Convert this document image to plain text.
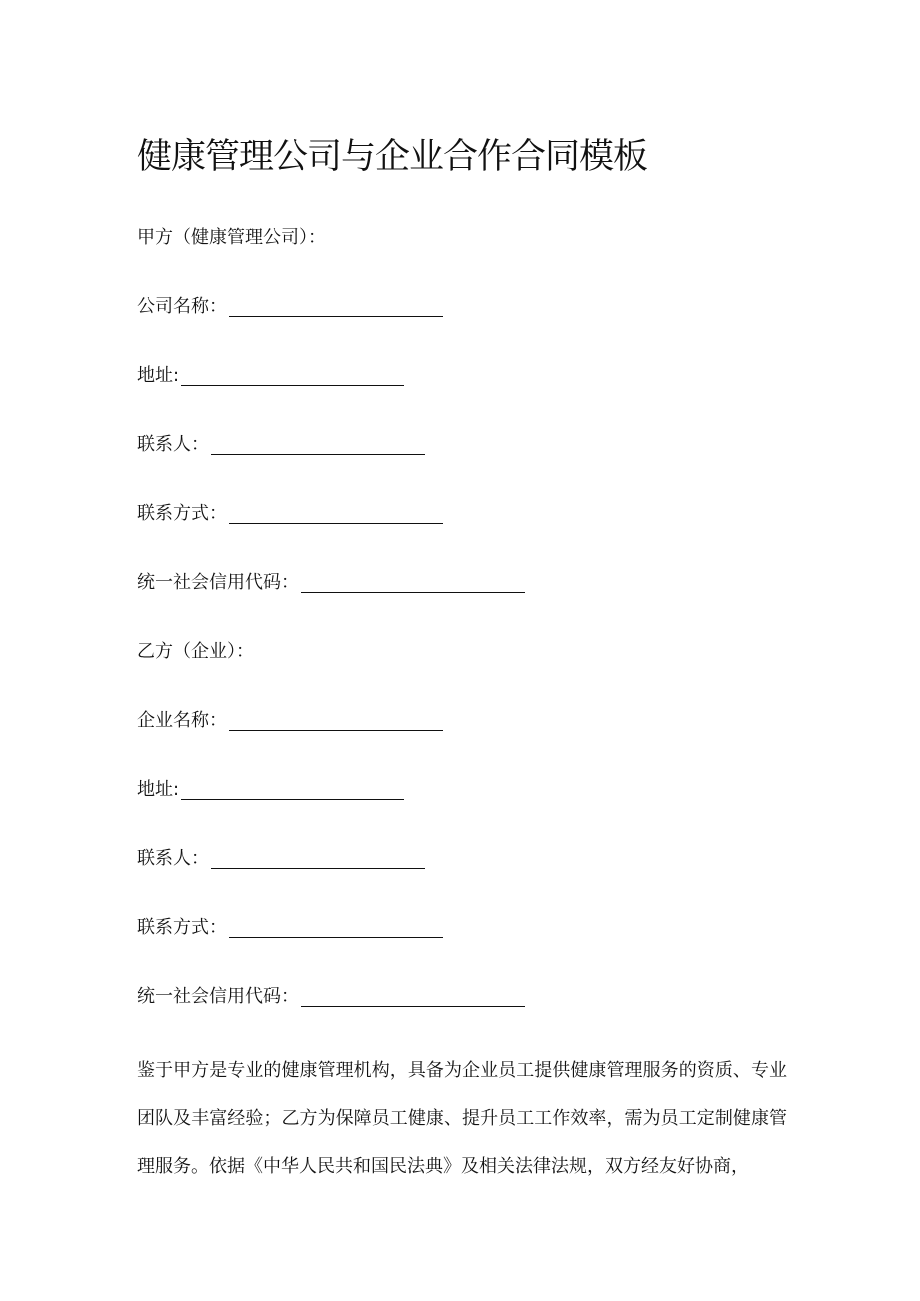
健康管理公司与企业合作合同模板
甲方（健康管理公司）：
公司名称：
地址:
联系人：
联系方式：
统一社会信用代码：
乙方（企业）：
企业名称：
地址:
联系人：
联系方式：
统一社会信用代码：

鉴于甲方是专业的健康管理机构，具备为企业员工提供健康管理服务的资质、专业团队及丰富经验；乙方为保障员工健康、提升员工工作效率，需为员工定制健康管理服务。依据《中华人民共和国民法典》及相关法律法规，双方经友好协商，
